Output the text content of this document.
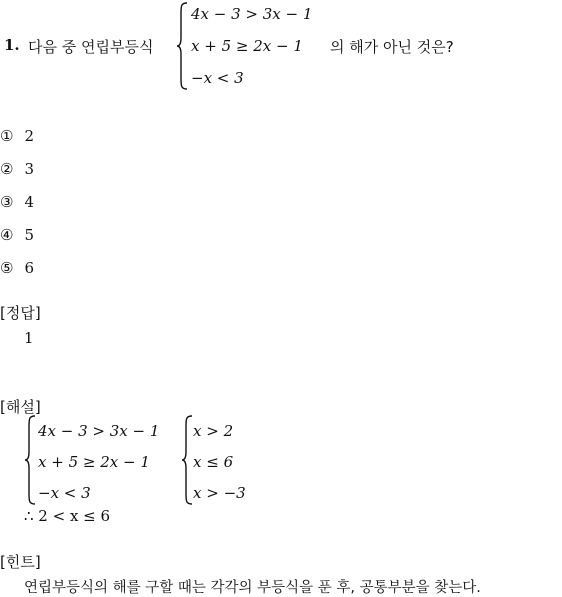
1. 다음 중 연립부등식
4x − 3 > 3x − 1
x + 5 ≥ 2x − 1
−x < 3
의 해가 아닌 것은?
① 2
② 3
③ 4
④ 5
⑤ 6
[정답]
1
[해설]
4x − 3 > 3x − 1
x + 5 ≥ 2x − 1
−x < 3
x > 2
x ≤ 6
x > −3
∴ 2 < x ≤ 6
[힌트]
연립부등식의 해를 구할 때는 각각의 부등식을 푼 후, 공통부분을 찾는다.
